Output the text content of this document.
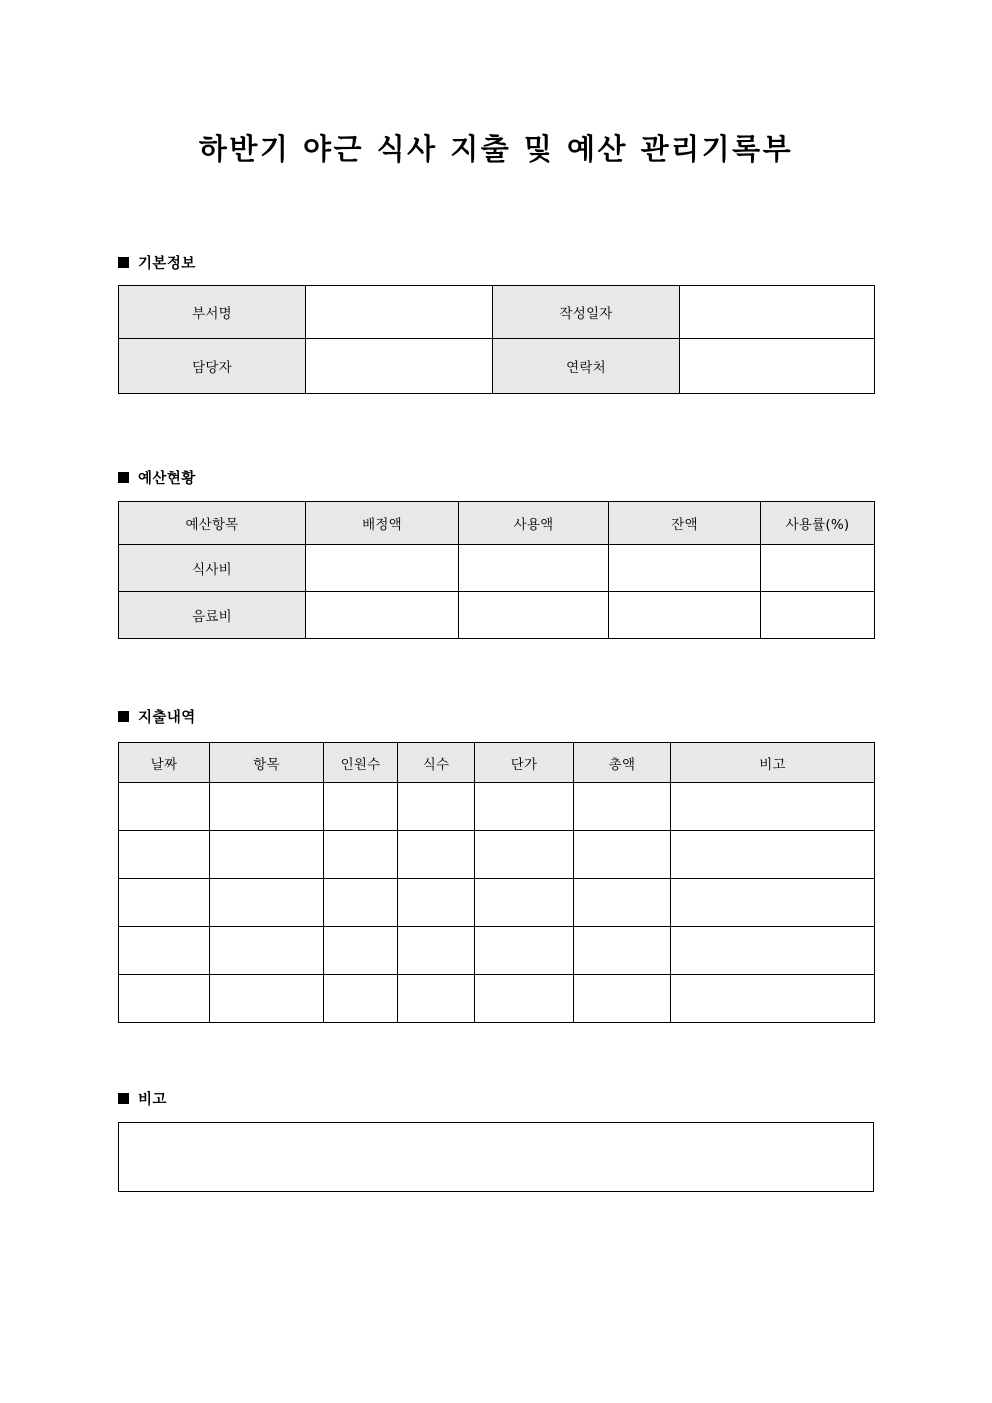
하반기 야근 식사 지출 및 예산 관리기록부
기본정보
부서명		작성일자	
담당자		연락처	
예산현황
예산항목	배정액	사용액	잔액	사용률(%)
식사비				
음료비				
지출내역
날짜	항목	인원수	식수	단가	총액	비고

비고
